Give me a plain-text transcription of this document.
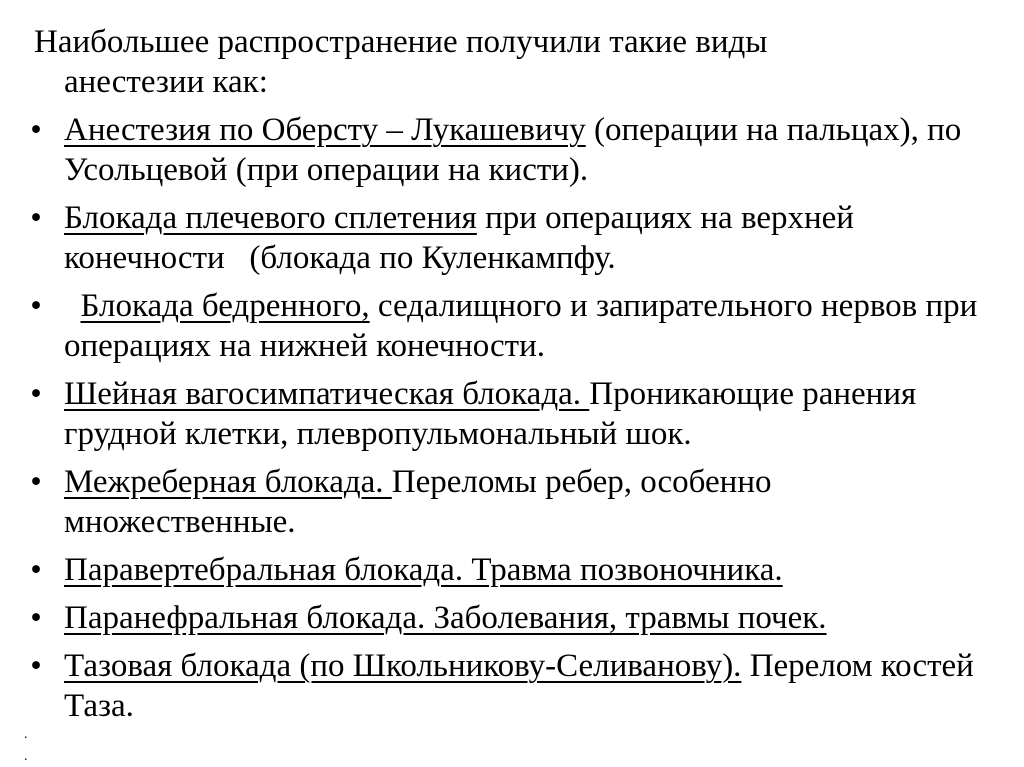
Наибольшее распространение получили такие виды
анестезии как:
• Анестезия по Оберсту – Лукашевичу (операции на пальцах), по Усольцевой (при операции на кисти).
• Блокада плечевого сплетения при операциях на верхней конечности   (блокада по Куленкампфу.
• Блокада бедренного, седалищного и запирательного нервов при операциях на нижней конечности.
• Шейная вагосимпатическая блокада. Проникающие ранения грудной клетки, плевропульмональный шок.
• Межреберная блокада. Переломы ребер, особенно множественные.
• Паравертебральная блокада. Травма позвоночника.
• Паранефральная блокада. Заболевания, травмы почек.
• Тазовая блокада (по Школьникову-Селиванову). Перелом костей Таза.
.
.
